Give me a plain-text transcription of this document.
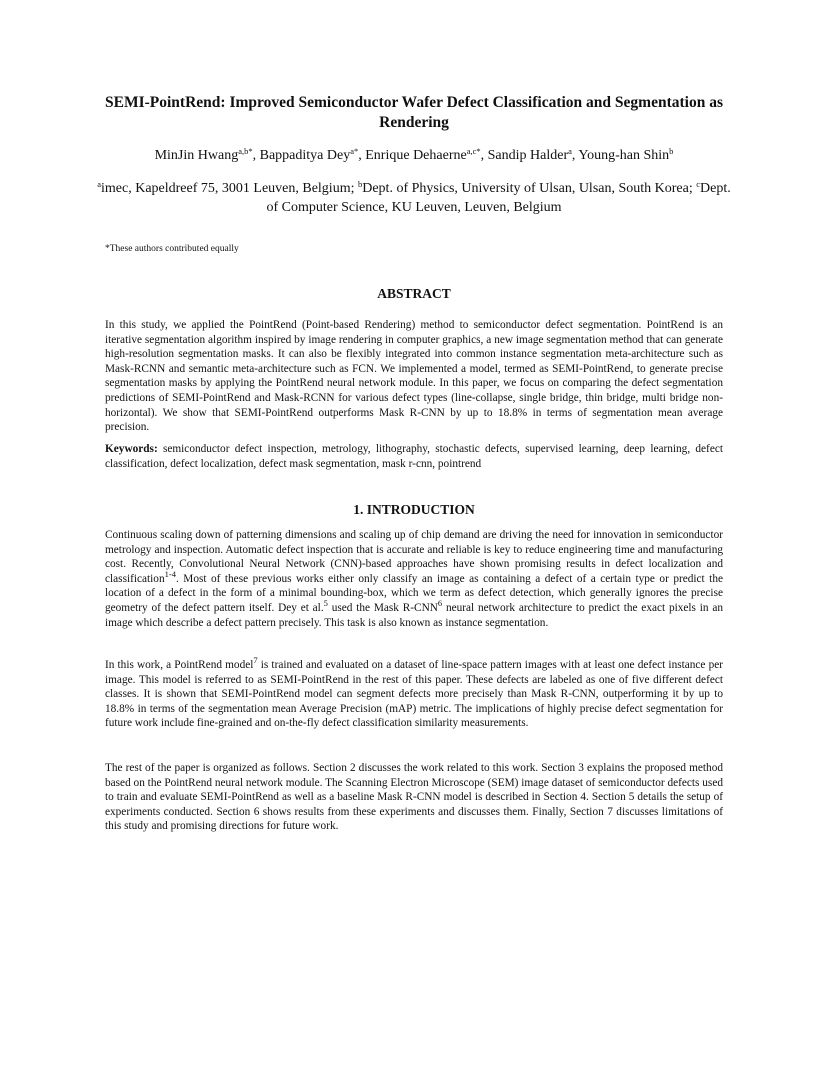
SEMI-PointRend: Improved Semiconductor Wafer Defect Classification and Segmentation as Rendering
MinJin Hwang$^{a,b*}$, Bappaditya Dey$^{a*}$, Enrique Dehaerne$^{a,c*}$, Sandip Halder$^a$, Young-han Shin$^b$
$^a$imec, Kapeldreef 75, 3001 Leuven, Belgium; $^b$Dept. of Physics, University of Ulsan, Ulsan, South Korea; $^c$Dept. of Computer Science, KU Leuven, Leuven, Belgium
*These authors contributed equally
ABSTRACT

In this study, we applied the PointRend (Point-based Rendering) method to semiconductor defect segmentation. PointRend is an iterative segmentation algorithm inspired by image rendering in computer graphics, a new image segmentation method that can generate high-resolution segmentation masks. It can also be flexibly integrated into common instance segmentation meta-architecture such as Mask-RCNN and semantic meta-architecture such as FCN. We implemented a model, termed as SEMI-PointRend, to generate precise segmentation masks by applying the PointRend neural network module. In this paper, we focus on comparing the defect segmentation predictions of SEMI-PointRend and Mask-RCNN for various defect types (line-collapse, single bridge, thin bridge, multi bridge non-horizontal). We show that SEMI-PointRend outperforms Mask R-CNN by up to 18.8% in terms of segmentation mean average precision.

Keywords: semiconductor defect inspection, metrology, lithography, stochastic defects, supervised learning, deep learning, defect classification, defect localization, defect mask segmentation, mask r-cnn, pointrend

1. INTRODUCTION

Continuous scaling down of patterning dimensions and scaling up of chip demand are driving the need for innovation in semiconductor metrology and inspection. Automatic defect inspection that is accurate and reliable is key to reduce engineering time and manufacturing cost. Recently, Convolutional Neural Network (CNN)-based approaches have shown promising results in defect localization and classification$^{1-4}$. Most of these previous works either only classify an image as containing a defect of a certain type or predict the location of a defect in the form of a minimal bounding-box, which we term as defect detection, which generally ignores the precise geometry of the defect pattern itself. Dey et al.$^5$ used the Mask R-CNN$^6$ neural network architecture to predict the exact pixels in an image which describe a defect pattern precisely. This task is also known as instance segmentation.

In this work, a PointRend model$^7$ is trained and evaluated on a dataset of line-space pattern images with at least one defect instance per image. This model is referred to as SEMI-PointRend in the rest of this paper. These defects are labeled as one of five different defect classes. It is shown that SEMI-PointRend model can segment defects more precisely than Mask R-CNN, outperforming it by up to 18.8% in terms of the segmentation mean Average Precision (mAP) metric. The implications of highly precise defect segmentation for future work include fine-grained and on-the-fly defect classification similarity measurements.

The rest of the paper is organized as follows. Section 2 discusses the work related to this work. Section 3 explains the proposed method based on the PointRend neural network module. The Scanning Electron Microscope (SEM) image dataset of semiconductor defects used to train and evaluate SEMI-PointRend as well as a baseline Mask R-CNN model is described in Section 4. Section 5 details the setup of experiments conducted. Section 6 shows results from these experiments and discusses them. Finally, Section 7 discusses limitations of this study and promising directions for future work.
